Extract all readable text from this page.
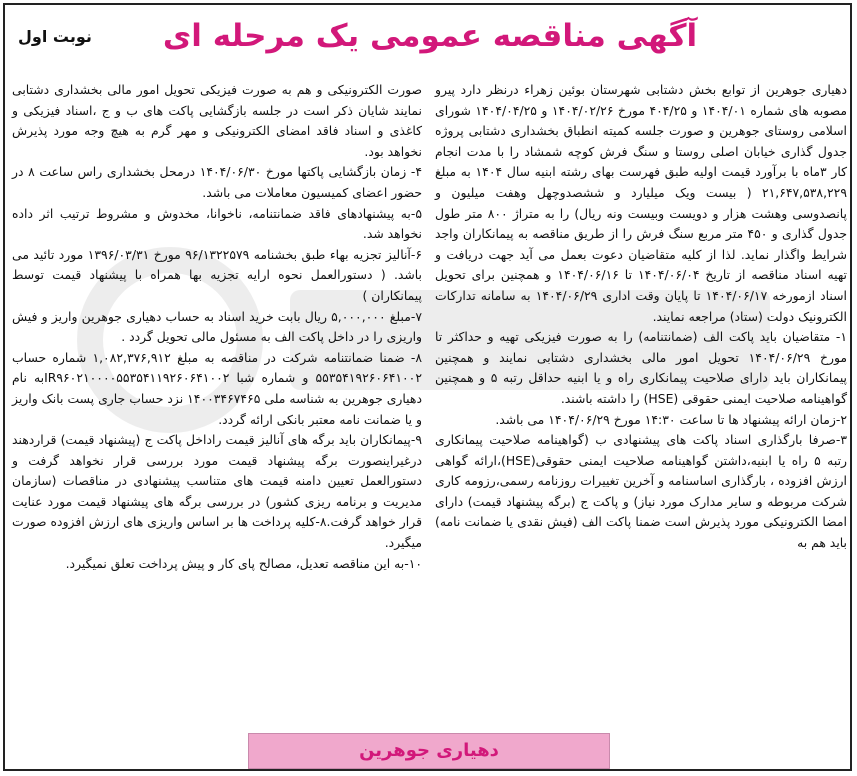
نوبت اول آگهی مناقصه عمومی یک مرحله ای

دهیاری جوهرین از توابع بخش دشتابی شهرستان بوئین زهراء درنظر دارد پیرو مصوبه های شماره ۱۴۰۴/۰۱ و ۴۰۴/۲۵ مورخ ۱۴۰۴/۰۲/۲۶ و ۱۴۰۴/۰۴/۲۵ شورای اسلامی روستای جوهرین و صورت جلسه کمیته انطباق بخشداری دشتابی پروژه جدول گذاری خیابان اصلی روستا و سنگ فرش کوچه شمشاد را با مدت انجام کار ۳ماه با برآورد قیمت اولیه طبق فهرست بهای رشته ابنیه سال ۱۴۰۴ به مبلغ ۲۱,۶۴۷,۵۳۸,۲۲۹ ( بیست ویک میلیارد و ششصدوچهل وهفت میلیون و پانصدوسی وهشت هزار و دویست وبیست ونه ریال) را به متراژ ۸۰۰ متر طول جدول گذاری و ۴۵۰ متر مربع سنگ فرش را از طریق مناقصه به پیمانکاران واجد شرایط واگذار نماید. لذا از کلیه متقاضیان دعوت بعمل می آید جهت دریافت و تهیه اسناد مناقصه از تاریخ ۱۴۰۴/۰۶/۰۴ تا ۱۴۰۴/۰۶/۱۶ و همچنین برای تحویل اسناد ازمورخه ۱۴۰۴/۰۶/۱۷ تا پایان وقت اداری ۱۴۰۴/۰۶/۲۹ به سامانه تدارکات الکترونیک دولت (ستاد) مراجعه نمایند.

۱- متقاضیان باید پاکت الف (ضمانتنامه) را به صورت فیزیکی تهیه و حداکثر تا مورخ ۱۴۰۴/۰۶/۲۹ تحویل امور مالی بخشداری دشتابی نمایند و همچنین پیمانکاران باید دارای صلاحیت پیمانکاری راه و یا ابنیه حداقل رتبه ۵ و همچنین گواهینامه صلاحیت ایمنی حقوقی (HSE) را داشته باشند.

۲-زمان ارائه پیشنهاد ها تا ساعت ۱۴:۳۰ مورخ ۱۴۰۴/۰۶/۲۹ می باشد.

۳-صرفا بارگذاری اسناد پاکت های پیشنهادی ب (گواهینامه صلاحیت پیمانکاری رتبه ۵ راه یا ابنیه،داشتن گواهینامه صلاحیت ایمنی حقوقی(HSE)،ارائه گواهی ارزش افزوده ، بارگذاری اساسنامه و آخرین تغییرات روزنامه رسمی،رزومه کاری شرکت مربوطه و سایر مدارک مورد نیاز) و پاکت ج (برگه پیشنهاد قیمت) دارای امضا الکترونیکی مورد پذیرش است ضمنا پاکت الف (فیش نقدی یا ضمانت نامه) باید هم به

صورت الکترونیکی و هم به صورت فیزیکی تحویل امور مالی بخشداری دشتابی نمایند شایان ذکر است در جلسه بازگشایی پاکت های ب و ج ،اسناد فیزیکی و کاغذی و اسناد فاقد امضای الکترونیکی و مهر گرم به هیچ وجه مورد پذیرش نخواهد بود.

۴- زمان بازگشایی پاکتها مورخ ۱۴۰۴/۰۶/۳۰ درمحل بخشداری راس ساعت ۸ در حضور اعضای کمیسیون معاملات می باشد.

۵-به پیشنهادهای فاقد ضمانتنامه، ناخوانا، مخدوش و مشروط ترتیب اثر داده نخواهد شد.

۶-آنالیز تجزیه بهاء طبق بخشنامه ۹۶/۱۳۲۲۵۷۹ مورخ ۱۳۹۶/۰۳/۳۱ مورد تائید می باشد. ( دستورالعمل نحوه ارایه تجزیه بها همراه با پیشنهاد قیمت توسط پیمانکاران )

۷-مبلغ ۵,۰۰۰,۰۰۰ ریال بابت خرید اسناد به حساب دهیاری جوهرین واریز و فیش واریزی را در داخل پاکت الف به مسئول مالی تحویل گردد .

۸- ضمنا ضمانتنامه شرکت در مناقصه به مبلغ ۱,۰۸۲,۳۷۶,۹۱۲ شماره حساب ۵۵۳۵۴۱۹۲۶۰۶۴۱۰۰۲ و شماره شبا IR۹۶۰۲۱۰۰۰۰۵۵۳۵۴۱۱۹۲۶۰۶۴۱۰۰۲به نام دهیاری جوهرین به شناسه ملی ۱۴۰۰۳۴۶۷۴۶۵ نزد حساب جاری پست بانک واریز و یا ضمانت نامه معتبر بانکی ارائه گردد.

۹-پیمانکاران باید برگه های آنالیز قیمت راداخل پاکت ج (پیشنهاد قیمت) قراردهند درغیراینصورت برگه پیشنهاد قیمت مورد بررسی قرار نخواهد گرفت و دستورالعمل تعیین دامنه قیمت های متناسب پیشنهادی در مناقصات (سازمان مدیریت و برنامه ریزی کشور) در بررسی برگه های پیشنهاد قیمت مورد عنایت قرار خواهد گرفت.۸-کلیه پرداخت ها بر اساس واریزی های ارزش افزوده صورت میگیرد.

۱۰-به این مناقصه تعدیل، مصالح پای کار و پیش پرداخت تعلق نمیگیرد.

دهیاری جوهرین
